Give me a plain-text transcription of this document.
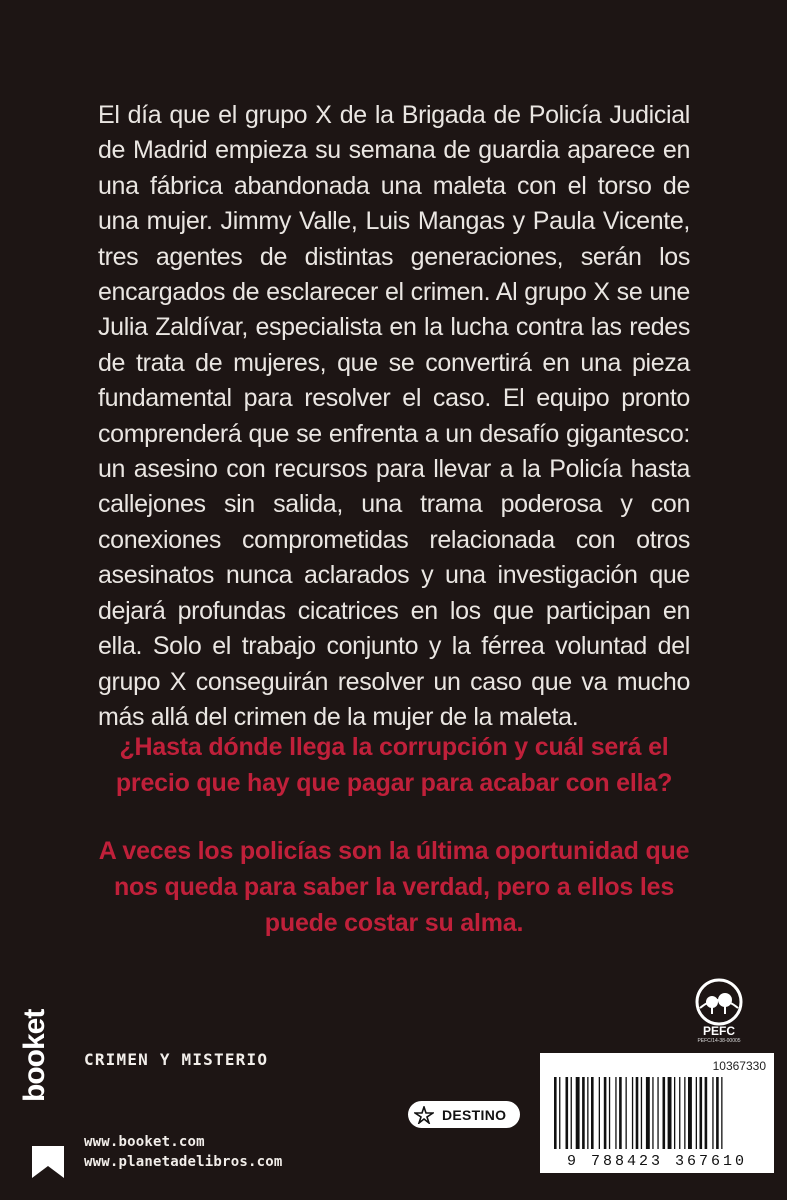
El día que el grupo X de la Brigada de Policía Judicial de Madrid empieza su semana de guardia aparece en una fábrica abandonada una maleta con el torso de una mujer. Jimmy Valle, Luis Mangas y Paula Vicente, tres agentes de distintas generaciones, serán los encargados de esclarecer el crimen. Al grupo X se une Julia Zaldívar, especialista en la lucha contra las redes de trata de mujeres, que se convertirá en una pieza fundamental para resolver el caso. El equipo pronto comprenderá que se enfrenta a un desafío gigantesco: un asesino con recursos para llevar a la Policía hasta callejones sin salida, una trama poderosa y con conexiones comprometidas relacionada con otros asesinatos nunca aclarados y una investigación que dejará profundas cicatrices en los que participan en ella. Solo el trabajo conjunto y la férrea voluntad del grupo X conseguirán resolver un caso que va mucho más allá del crimen de la mujer de la maleta.

¿Hasta dónde llega la corrupción y cuál será el precio que hay que pagar para acabar con ella?
A veces los policías son la última oportunidad que nos queda para saber la verdad, pero a ellos les puede costar su alma.
PEFC
PEFC/14-38-00005
CRIMEN Y MISTERIO
booket
www.booket.com
www.planetadelibros.com
DESTINO
10367330
9 788423 367610
